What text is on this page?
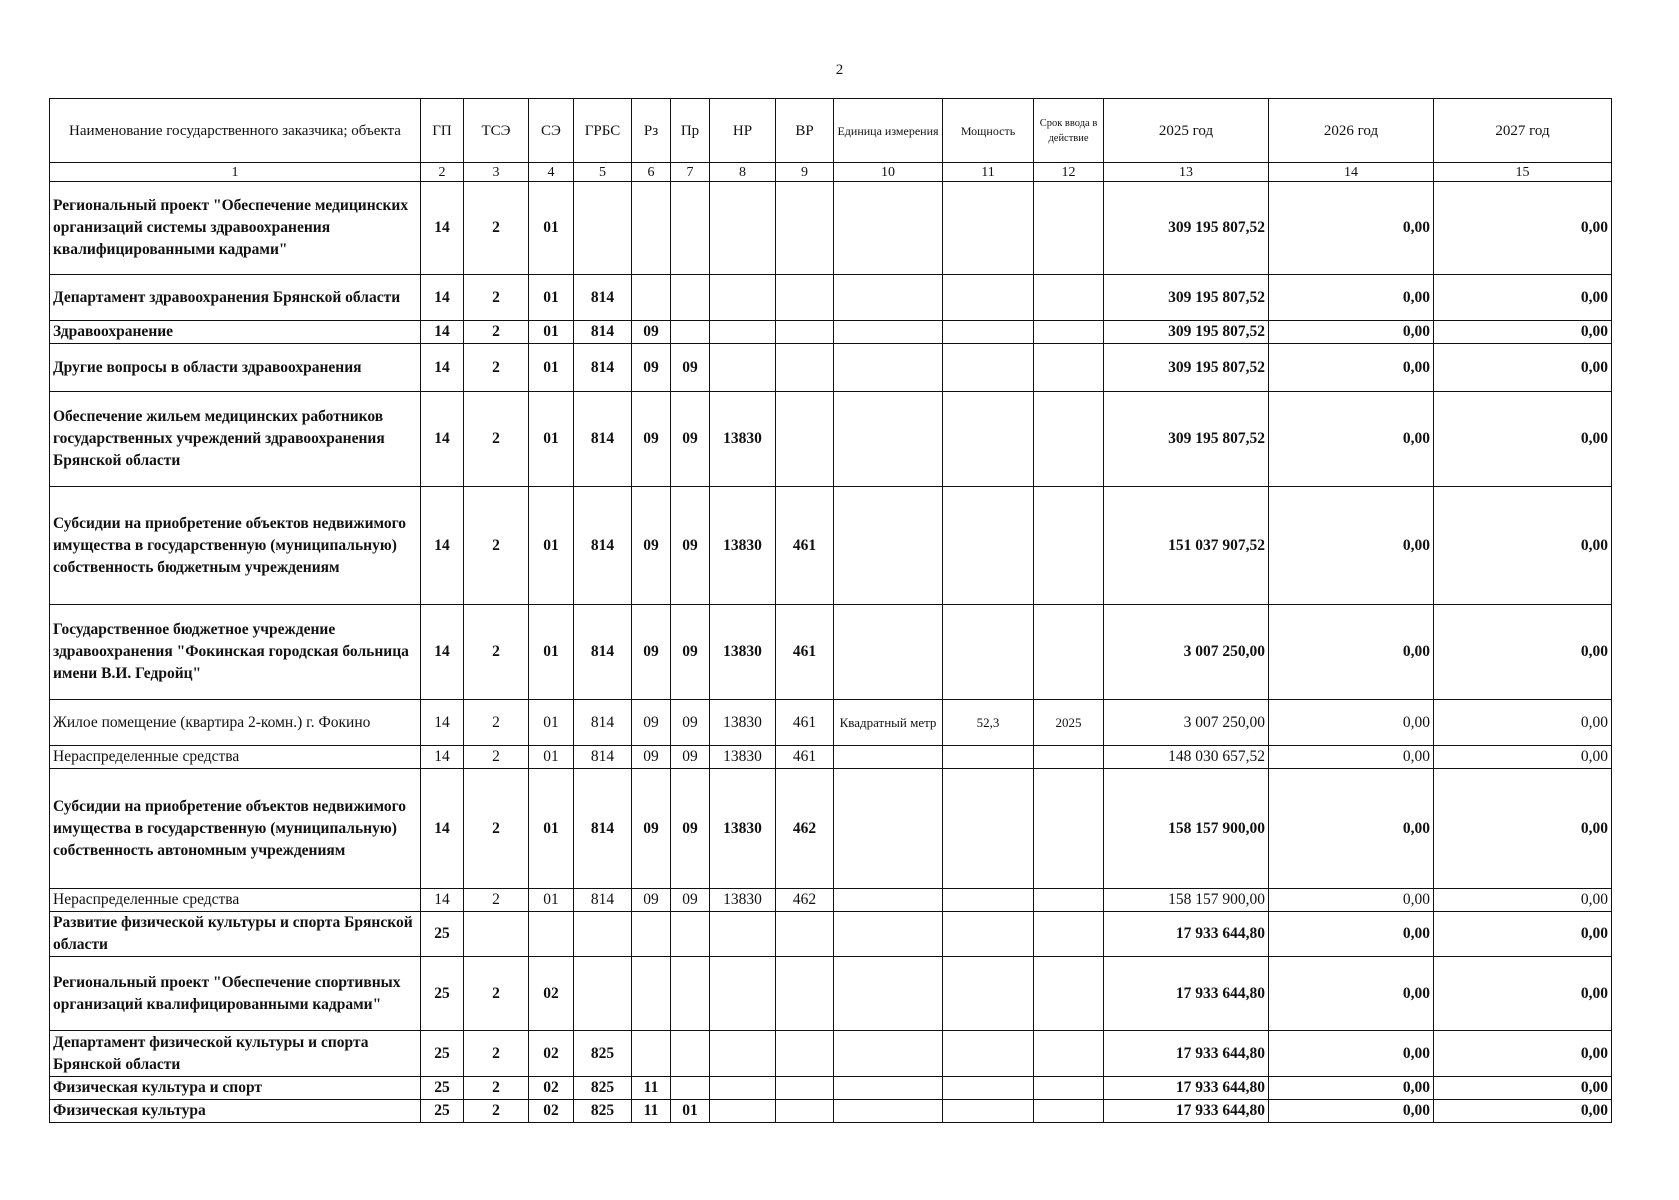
2
Наименование государственного заказчика; объекта	ГП	ТСЭ	СЭ	ГРБС	Рз	Пр	НР	ВР	Единица измерения	Мощность	Срок ввода в действие	2025 год	2026 год	2027 год
1	2	3	4	5	6	7	8	9	10	11	12	13	14	15
Региональный проект "Обеспечение медицинских организаций системы здравоохранения квалифицированными кадрами"	14	2	01									309 195 807,52	0,00	0,00
Департамент здравоохранения Брянской области	14	2	01	814								309 195 807,52	0,00	0,00
Здравоохранение	14	2	01	814	09							309 195 807,52	0,00	0,00
Другие вопросы в области здравоохранения	14	2	01	814	09	09						309 195 807,52	0,00	0,00
Обеспечение жильем медицинских работников государственных учреждений здравоохранения Брянской области	14	2	01	814	09	09	13830					309 195 807,52	0,00	0,00
Субсидии на приобретение объектов недвижимого имущества в государственную (муниципальную) собственность бюджетным учреждениям	14	2	01	814	09	09	13830	461				151 037 907,52	0,00	0,00
Государственное бюджетное учреждение здравоохранения "Фокинская городская больница имени В.И. Гедройц"	14	2	01	814	09	09	13830	461				3 007 250,00	0,00	0,00
Жилое помещение (квартира 2-комн.) г. Фокино	14	2	01	814	09	09	13830	461	Квадратный метр	52,3	2025	3 007 250,00	0,00	0,00
Нераспределенные средства	14	2	01	814	09	09	13830	461				148 030 657,52	0,00	0,00
Субсидии на приобретение объектов недвижимого имущества в государственную (муниципальную) собственность автономным учреждениям	14	2	01	814	09	09	13830	462				158 157 900,00	0,00	0,00
Нераспределенные средства	14	2	01	814	09	09	13830	462				158 157 900,00	0,00	0,00
Развитие физической культуры и спорта Брянской области	25											17 933 644,80	0,00	0,00
Региональный проект "Обеспечение спортивных организаций квалифицированными кадрами"	25	2	02									17 933 644,80	0,00	0,00
Департамент физической культуры и спорта Брянской области	25	2	02	825								17 933 644,80	0,00	0,00
Физическая культура и спорт	25	2	02	825	11							17 933 644,80	0,00	0,00
Физическая культура	25	2	02	825	11	01						17 933 644,80	0,00	0,00
